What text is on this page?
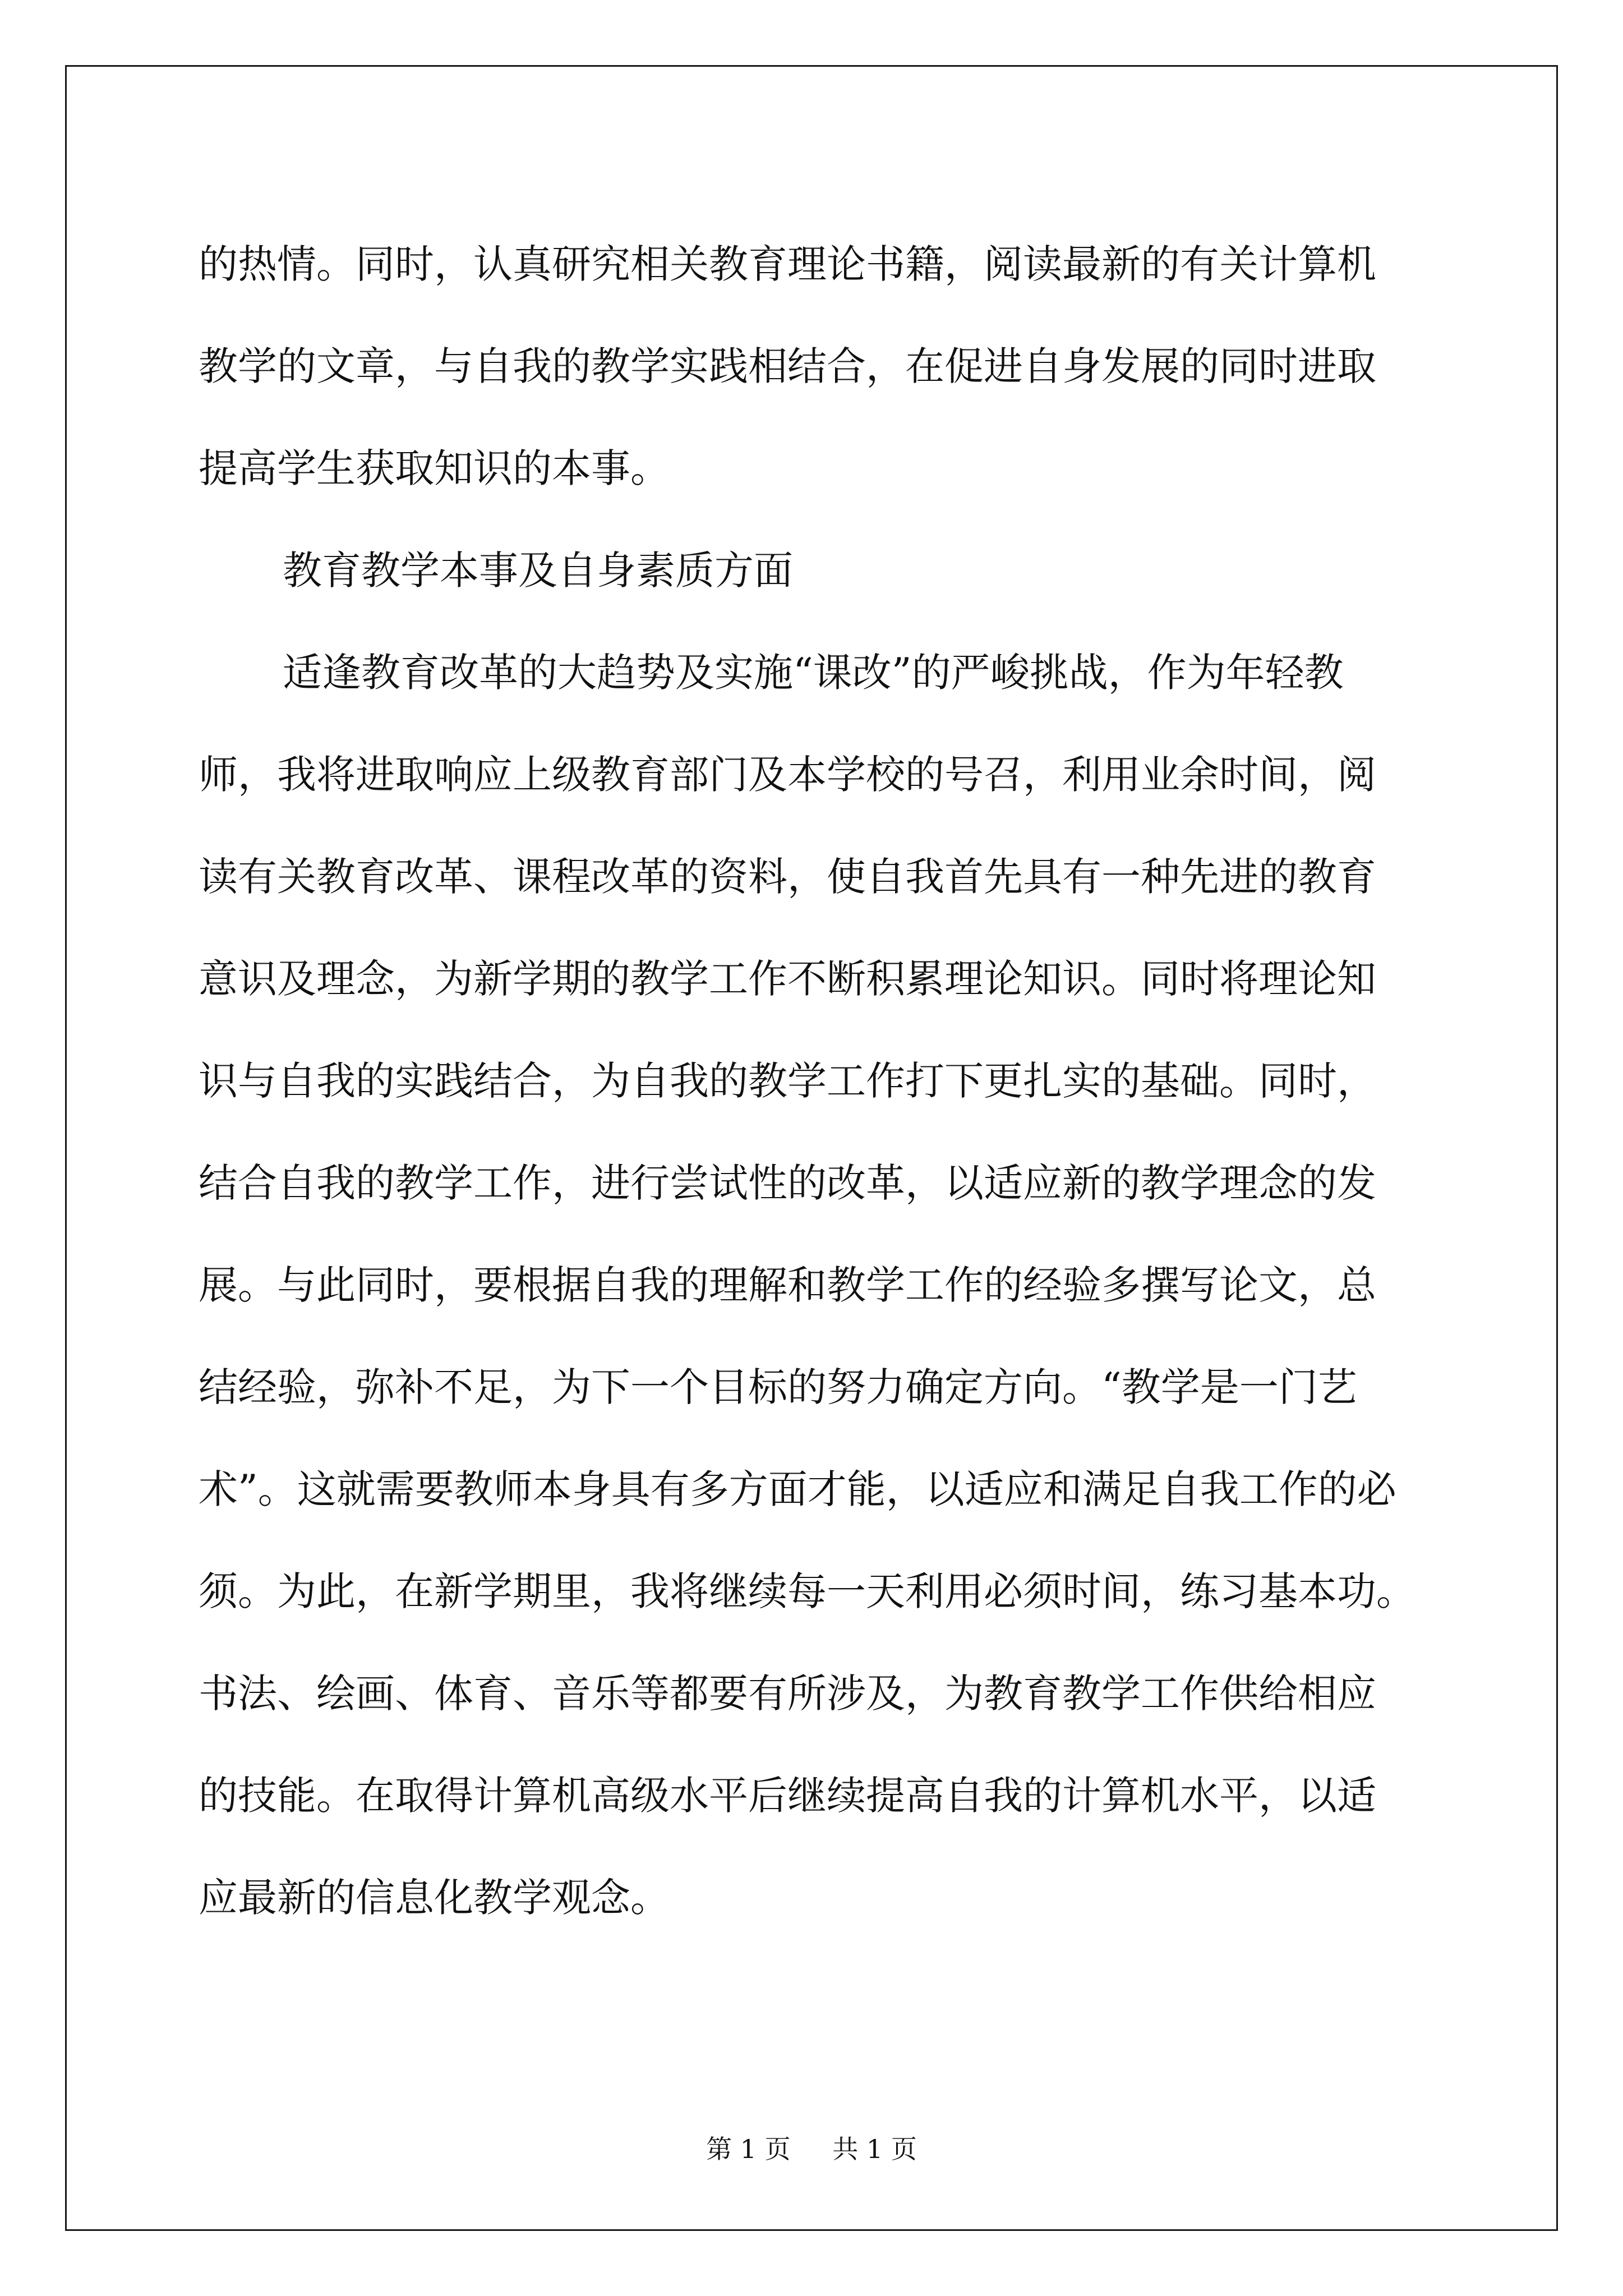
的热情。同时，认真研究相关教育理论书籍，阅读最新的有关计算机
教学的文章，与自我的教学实践相结合，在促进自身发展的同时进取
提高学生获取知识的本事。
教育教学本事及自身素质方面
适逢教育改革的大趋势及实施“课改”的严峻挑战，作为年轻教
师，我将进取响应上级教育部门及本学校的号召，利用业余时间，阅
读有关教育改革、课程改革的资料，使自我首先具有一种先进的教育
意识及理念，为新学期的教学工作不断积累理论知识。同时将理论知
识与自我的实践结合，为自我的教学工作打下更扎实的基础。同时，
结合自我的教学工作，进行尝试性的改革，以适应新的教学理念的发
展。与此同时，要根据自我的理解和教学工作的经验多撰写论文，总
结经验，弥补不足，为下一个目标的努力确定方向。“教学是一门艺
术”。这就需要教师本身具有多方面才能，以适应和满足自我工作的必
须。为此，在新学期里，我将继续每一天利用必须时间，练习基本功。
书法、绘画、体育、音乐等都要有所涉及，为教育教学工作供给相应
的技能。在取得计算机高级水平后继续提高自我的计算机水平，以适
应最新的信息化教学观念。
第 1 页 共 1 页
